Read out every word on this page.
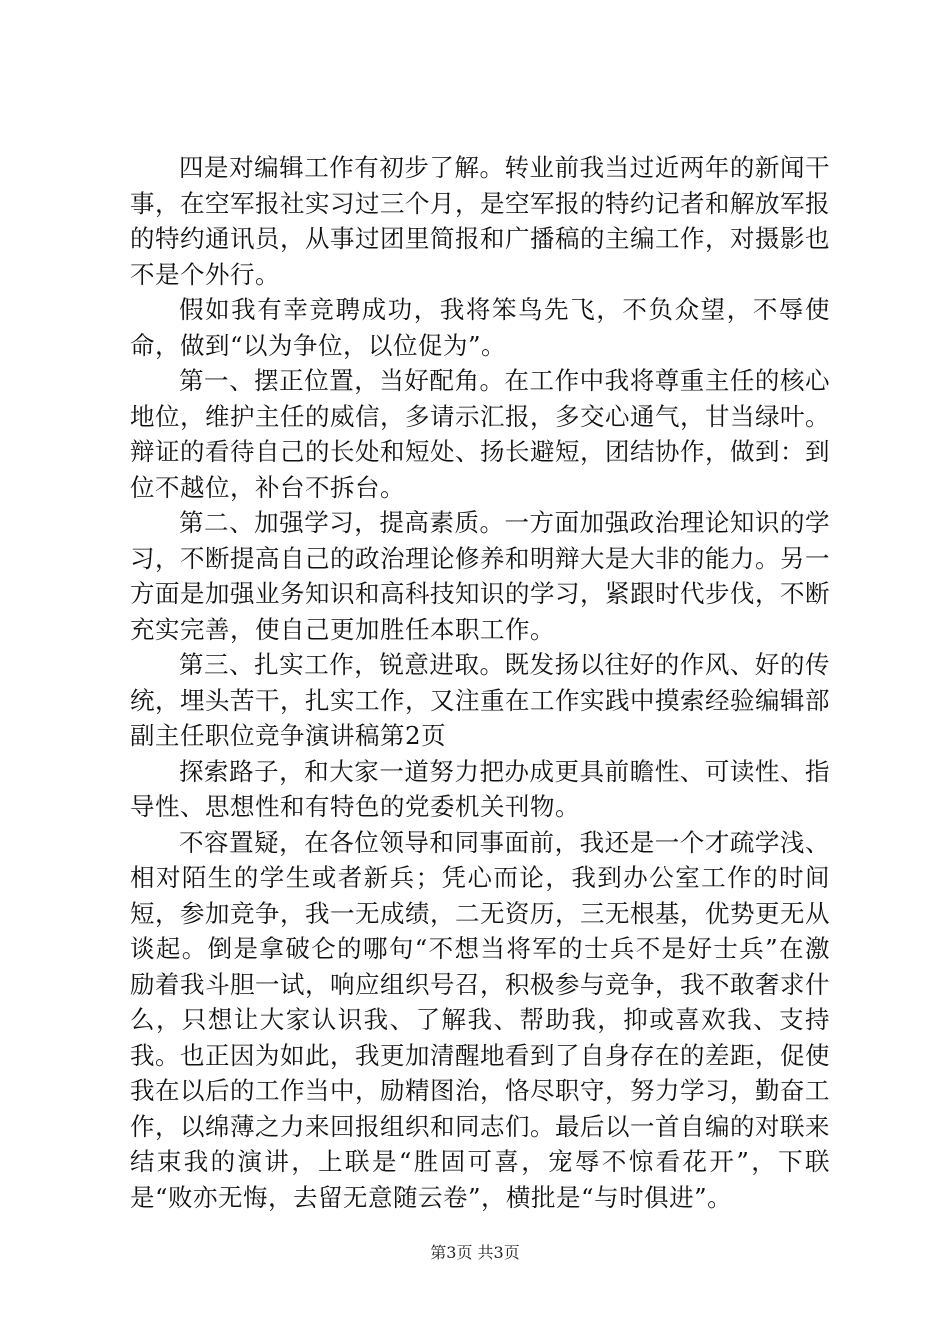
四是对编辑工作有初步了解。转业前我当过近两年的新闻干事，在空军报社实习过三个月，是空军报的特约记者和解放军报的特约通讯员，从事过团里简报和广播稿的主编工作，对摄影也不是个外行。

假如我有幸竞聘成功，我将笨鸟先飞，不负众望，不辱使命，做到“以为争位，以位促为”。

第一、摆正位置，当好配角。在工作中我将尊重主任的核心地位，维护主任的威信，多请示汇报，多交心通气，甘当绿叶。辩证的看待自己的长处和短处、扬长避短，团结协作，做到：到位不越位，补台不拆台。

第二、加强学习，提高素质。一方面加强政治理论知识的学习，不断提高自己的政治理论修养和明辩大是大非的能力。另一方面是加强业务知识和高科技知识的学习，紧跟时代步伐，不断充实完善，使自己更加胜任本职工作。

第三、扎实工作，锐意进取。既发扬以往好的作风、好的传统，埋头苦干，扎实工作，又注重在工作实践中摸索经验编辑部副主任职位竞争演讲稿第2页

探索路子，和大家一道努力把办成更具前瞻性、可读性、指导性、思想性和有特色的党委机关刊物。

不容置疑，在各位领导和同事面前，我还是一个才疏学浅、相对陌生的学生或者新兵；凭心而论，我到办公室工作的时间短，参加竞争，我一无成绩，二无资历，三无根基，优势更无从谈起。倒是拿破仑的哪句“不想当将军的士兵不是好士兵”在激励着我斗胆一试，响应组织号召，积极参与竞争，我不敢奢求什么，只想让大家认识我、了解我、帮助我，抑或喜欢我、支持我。也正因为如此，我更加清醒地看到了自身存在的差距，促使我在以后的工作当中，励精图治，恪尽职守，努力学习，勤奋工作，以绵薄之力来回报组织和同志们。最后以一首自编的对联来结束我的演讲，上联是“胜固可喜，宠辱不惊看花开”，下联是“败亦无悔，去留无意随云卷”，横批是“与时俱进”。

第3页 共3页
